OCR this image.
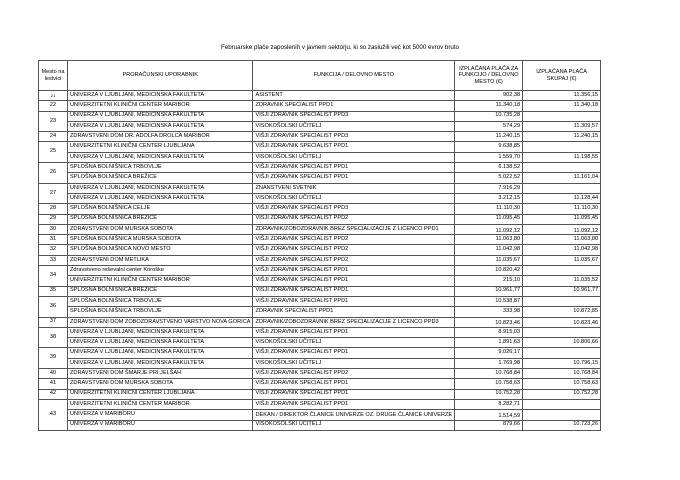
Februarske plače zaposlenih v javnem sektorju, ki so zaslužili več kot 5000 evrov bruto
Mesto na lestvici	PRORAČUNSKI UPORABNIK	FUNKCIJA / DELOVNO MESTO	IZPLAČANA PLAČA ZA FUNKCIJO / DELOVNO MESTO (€)	IZPLAČANA PLAČA SKUPAJ (€)
21	UNIVERZA V LJUBLJANI, MEDICINSKA FAKULTETA	ASISTENT	902,38	11.356,15
22	UNIVERZITETNI KLINIČNI CENTER MARIBOR	ZDRAVNIK SPECIALIST PPD1	11.340,18	11.340,18
23	UNIVERZA V LJUBLJANI, MEDICINSKA FAKULTETA	VIŠJI ZDRAVNIK SPECIALIST PPD3	10.735,28	
	UNIVERZA V LJUBLJANI, MEDICINSKA FAKULTETA	VISOKOŠOLSKI UČITELJ	574,29	11.309,57
24	ZDRAVSTVENI DOM DR. ADOLFA DROLCA MARIBOR	VIŠJI ZDRAVNIK SPECIALIST PPD3	11.240,15	11.240,15
25	UNIVERZITETNI KLINIČNI CENTER LJUBLJANA	VIŠJI ZDRAVNIK SPECIALIST PPD1	9.638,85	
	UNIVERZA V LJUBLJANI, MEDICINSKA FAKULTETA	VISOKOŠOLSKI UČITELJ	1.559,70	11.198,55
26	SPLOŠNA BOLNIŠNICA TRBOVLJE	VIŠJI ZDRAVNIK SPECIALIST PPD1	6.138,52	
	SPLOŠNA BOLNIŠNICA BREŽICE	VIŠJI ZDRAVNIK SPECIALIST PPD1	5.022,52	11.161,04
27	UNIVERZA V LJUBLJANI, MEDICINSKA FAKULTETA	ZNANSTVENI SVETNIK	7.916,29	
	UNIVERZA V LJUBLJANI, MEDICINSKA FAKULTETA	VISOKOŠOLSKI UČITELJ	3.212,15	11.128,44
28	SPLOŠNA BOLNIŠNICA CELJE	VIŠJI ZDRAVNIK SPECIALIST PPD3	11.110,30	11.110,30
29	SPLOŠNA BOLNIŠNICA BREŽICE	VIŠJI ZDRAVNIK SPECIALIST PPD2	11.095,45	11.095,45
30	ZDRAVSTVENI DOM MURSKA SOBOTA	ZDRAVNIK/ZOBOZDRAVNIK BREZ SPECIALIZACIJE Z LICENCO PPD1	11.092,12	11.092,12
31	SPLOŠNA BOLNIŠNICA MURSKA SOBOTA	VIŠJI ZDRAVNIK SPECIALIST PPD2	11.063,80	11.063,80
32	SPLOŠNA BOLNIŠNICA NOVO MESTO	VIŠJI ZDRAVNIK SPECIALIST PPD2	11.042,98	11.042,98
33	ZDRAVSTVENI DOM METLIKA	VIŠJI ZDRAVNIK SPECIALIST PPD2	11.035,67	11.035,67
34	Zdravstveno reševalni center Koroške	VIŠJI ZDRAVNIK SPECIALIST PPD1	10.820,42	
	UNIVERZITETNI KLINIČNI CENTER MARIBOR	VIŠJI ZDRAVNIK SPECIALIST PPD1	215,10	11.035,52
35	SPLOŠNA BOLNIŠNICA BREŽICE	VIŠJI ZDRAVNIK SPECIALIST PPD1	10.961,77	10.961,77
36	SPLOŠNA BOLNIŠNICA TRBOVLJE	VIŠJI ZDRAVNIK SPECIALIST PPD1	10.538,87	
	SPLOŠNA BOLNIŠNICA TRBOVLJE	ZDRAVNIK SPECIALIST PPD1	333,98	10.872,85
37	ZDRAVSTVENI DOM ZOBOZDRAVSTVENO VARSTVO NOVA GORICA	ZDRAVNIK/ZOBOZDRAVNIK BREZ SPECIALIZACIJE Z LICENCO PPD3	10.823,46	10.823,46
38	UNIVERZA V LJUBLJANI, MEDICINSKA FAKULTETA	VIŠJI ZDRAVNIK SPECIALIST PPD1	8.915,03	
	UNIVERZA V LJUBLJANI, MEDICINSKA FAKULTETA	VISOKOŠOLSKI UČITELJ	1.891,63	10.806,66
39	UNIVERZA V LJUBLJANI, MEDICINSKA FAKULTETA	VIŠJI ZDRAVNIK SPECIALIST PPD1	9.026,17	
	UNIVERZA V LJUBLJANI, MEDICINSKA FAKULTETA	VISOKOŠOLSKI UČITELJ	1.769,98	10.796,15
40	ZDRAVSTVENI DOM ŠMARJE PRI JELŠAH	VIŠJI ZDRAVNIK SPECIALIST PPD2	10.768,84	10.768,84
41	ZDRAVSTVENI DOM MURSKA SOBOTA	VIŠJI ZDRAVNIK SPECIALIST PPD1	10.758,63	10.758,63
42	UNIVERZITETNI KLINIČNI CENTER LJUBLJANA	VIŠJI ZDRAVNIK SPECIALIST PPD1	10.752,28	10.752,28
43	UNIVERZITETNI KLINIČNI CENTER MARIBOR	VIŠJI ZDRAVNIK SPECIALIST PPD1	8.282,71	
	UNIVERZA V MARIBORU	DEKAN / DIREKTOR ČLANICE UNIVERZE OZ. DRUGE ČLANICE UNIVERZE	1.514,59	
	UNIVERZA V MARIBORU	VISOKOŠOLSKI UČITELJ	879,66	10.723,26
